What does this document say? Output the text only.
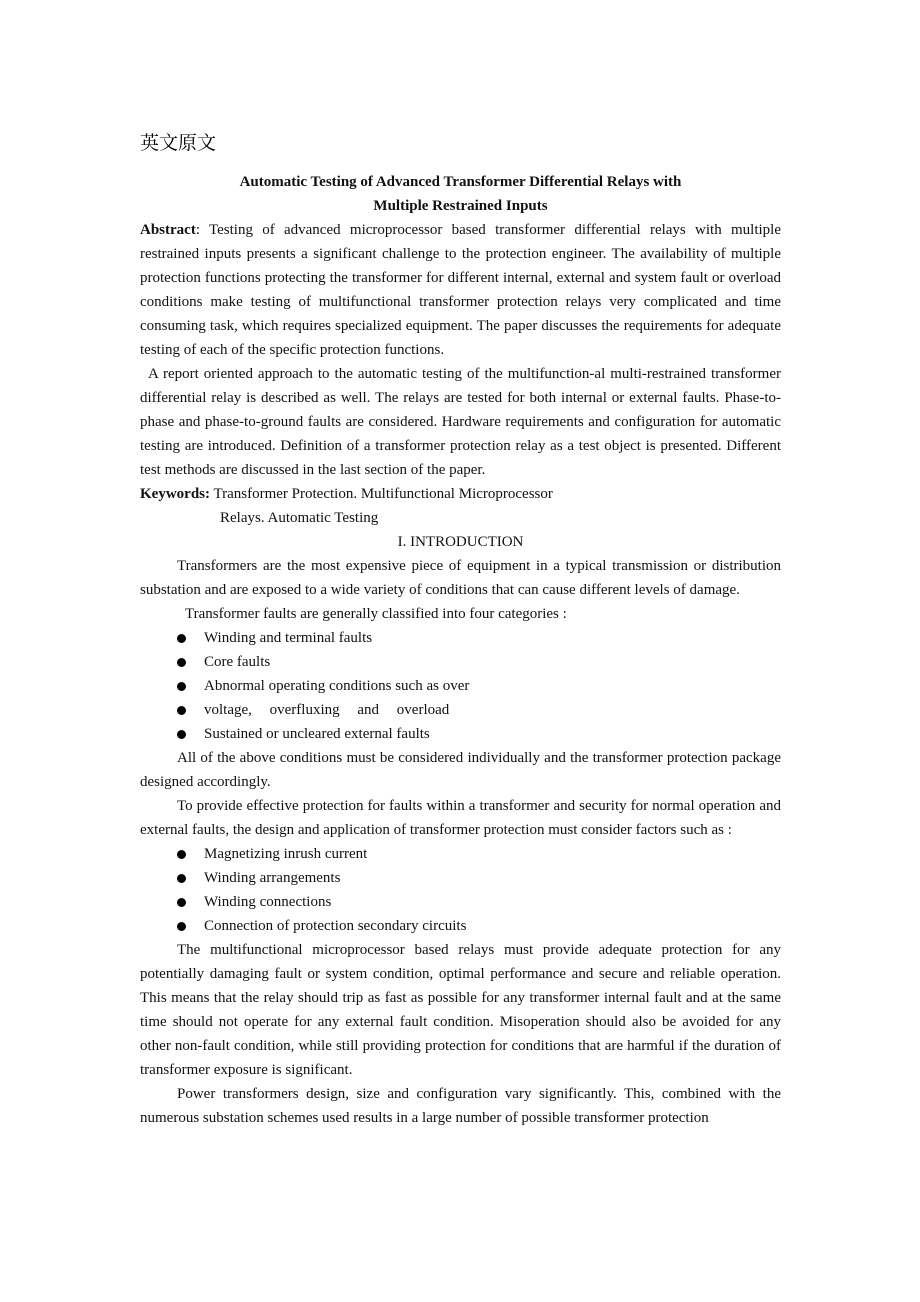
英文原文
Automatic Testing of Advanced Transformer Differential Relays with
Multiple Restrained Inputs

Abstract: Testing of advanced microprocessor based transformer differential relays with multiple restrained inputs presents a significant challenge to the protection engineer. The availability of multiple protection functions protecting the transformer for different internal, external and system fault or overload conditions make testing of multifunctional transformer protection relays very complicated and time consuming task, which requires specialized equipment. The paper discusses the requirements for adequate testing of each of the specific protection functions.

A report oriented approach to the automatic testing of the multifunction-al multi-restrained transformer differential relay is described as well. The relays are tested for both internal or external faults. Phase-to-phase and phase-to-ground faults are considered. Hardware requirements and configuration for automatic testing are introduced. Definition of a transformer protection relay as a test object is presented. Different test methods are discussed in the last section of the paper.

Keywords: Transformer Protection. Multifunctional Microprocessor

Relays. Automatic Testing

I. INTRODUCTION

Transformers are the most expensive piece of equipment in a typical transmission or distribution substation and are exposed to a wide variety of conditions that can cause different levels of damage.

Transformer faults are generally classified into four categories :

Winding and terminal faults
Core faults
Abnormal operating conditions such as over
voltage, overfluxing and overload
Sustained or uncleared external faults

All of the above conditions must be considered individually and the transformer protection package designed accordingly.

To provide effective protection for faults within a transformer and security for normal operation and external faults, the design and application of transformer protection must consider factors such as :

Magnetizing inrush current
Winding arrangements
Winding connections
Connection of protection secondary circuits

The multifunctional microprocessor based relays must provide adequate protection for any potentially damaging fault or system condition, optimal performance and secure and reliable operation. This means that the relay should trip as fast as possible for any transformer internal fault and at the same time should not operate for any external fault condition. Misoperation should also be avoided for any other non-fault condition, while still providing protection for conditions that are harmful if the duration of transformer exposure is significant.

Power transformers design, size and configuration vary significantly. This, combined with the numerous substation schemes used results in a large number of possible transformer protection
